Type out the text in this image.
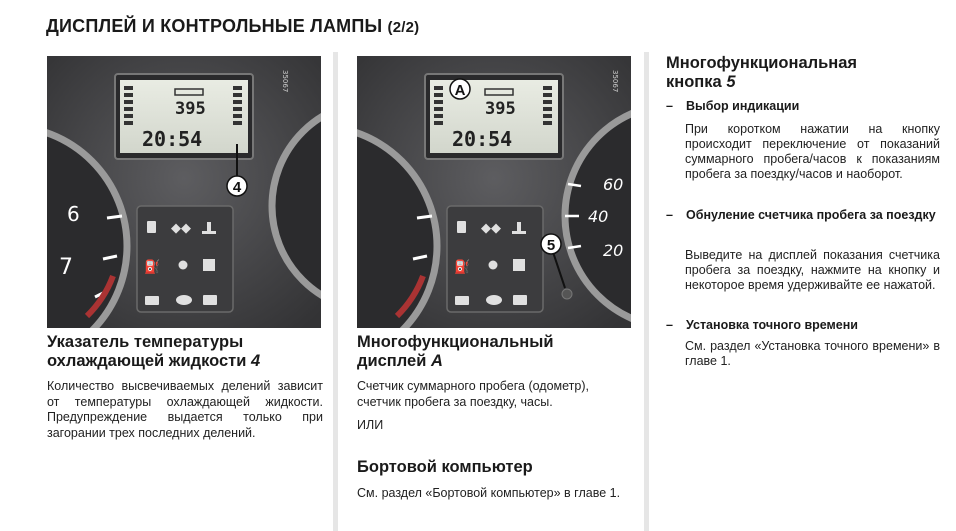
ДИСПЛЕЙ И КОНТРОЛЬНЫЕ ЛАМПЫ (2/2)
6
7
395
20:54
◆◆
⛽
35067
4	60
40
20
395
20:54
A
◆◆
⛽
5
35067
Указатель температуры
охлаждающей жидкости 4
Количество высвечиваемых делений зависит от температуры охлаждающей жидкости. Предупреждение выдается только при загорании трех последних делений.
Многофункциональный
дисплей A
Счетчик суммарного пробега (одометр), счетчик пробега за поездку, часы.
ИЛИ
Бортовой компьютер
См. раздел «Бортовой компьютер» в главе 1.
Многофункциональная
кнопка 5
– Выбор индикации
При коротком нажатии на кнопку происходит переключение от показаний суммарного пробега/часов к показаниям пробега за поездку/часов и наоборот.
– Обнуление счетчика пробега за поездку
Выведите на дисплей показания счетчика пробега за поездку, нажмите на кнопку и некоторое время удерживайте ее нажатой.
– Установка точного времени
См. раздел «Установка точного времени» в главе 1.
